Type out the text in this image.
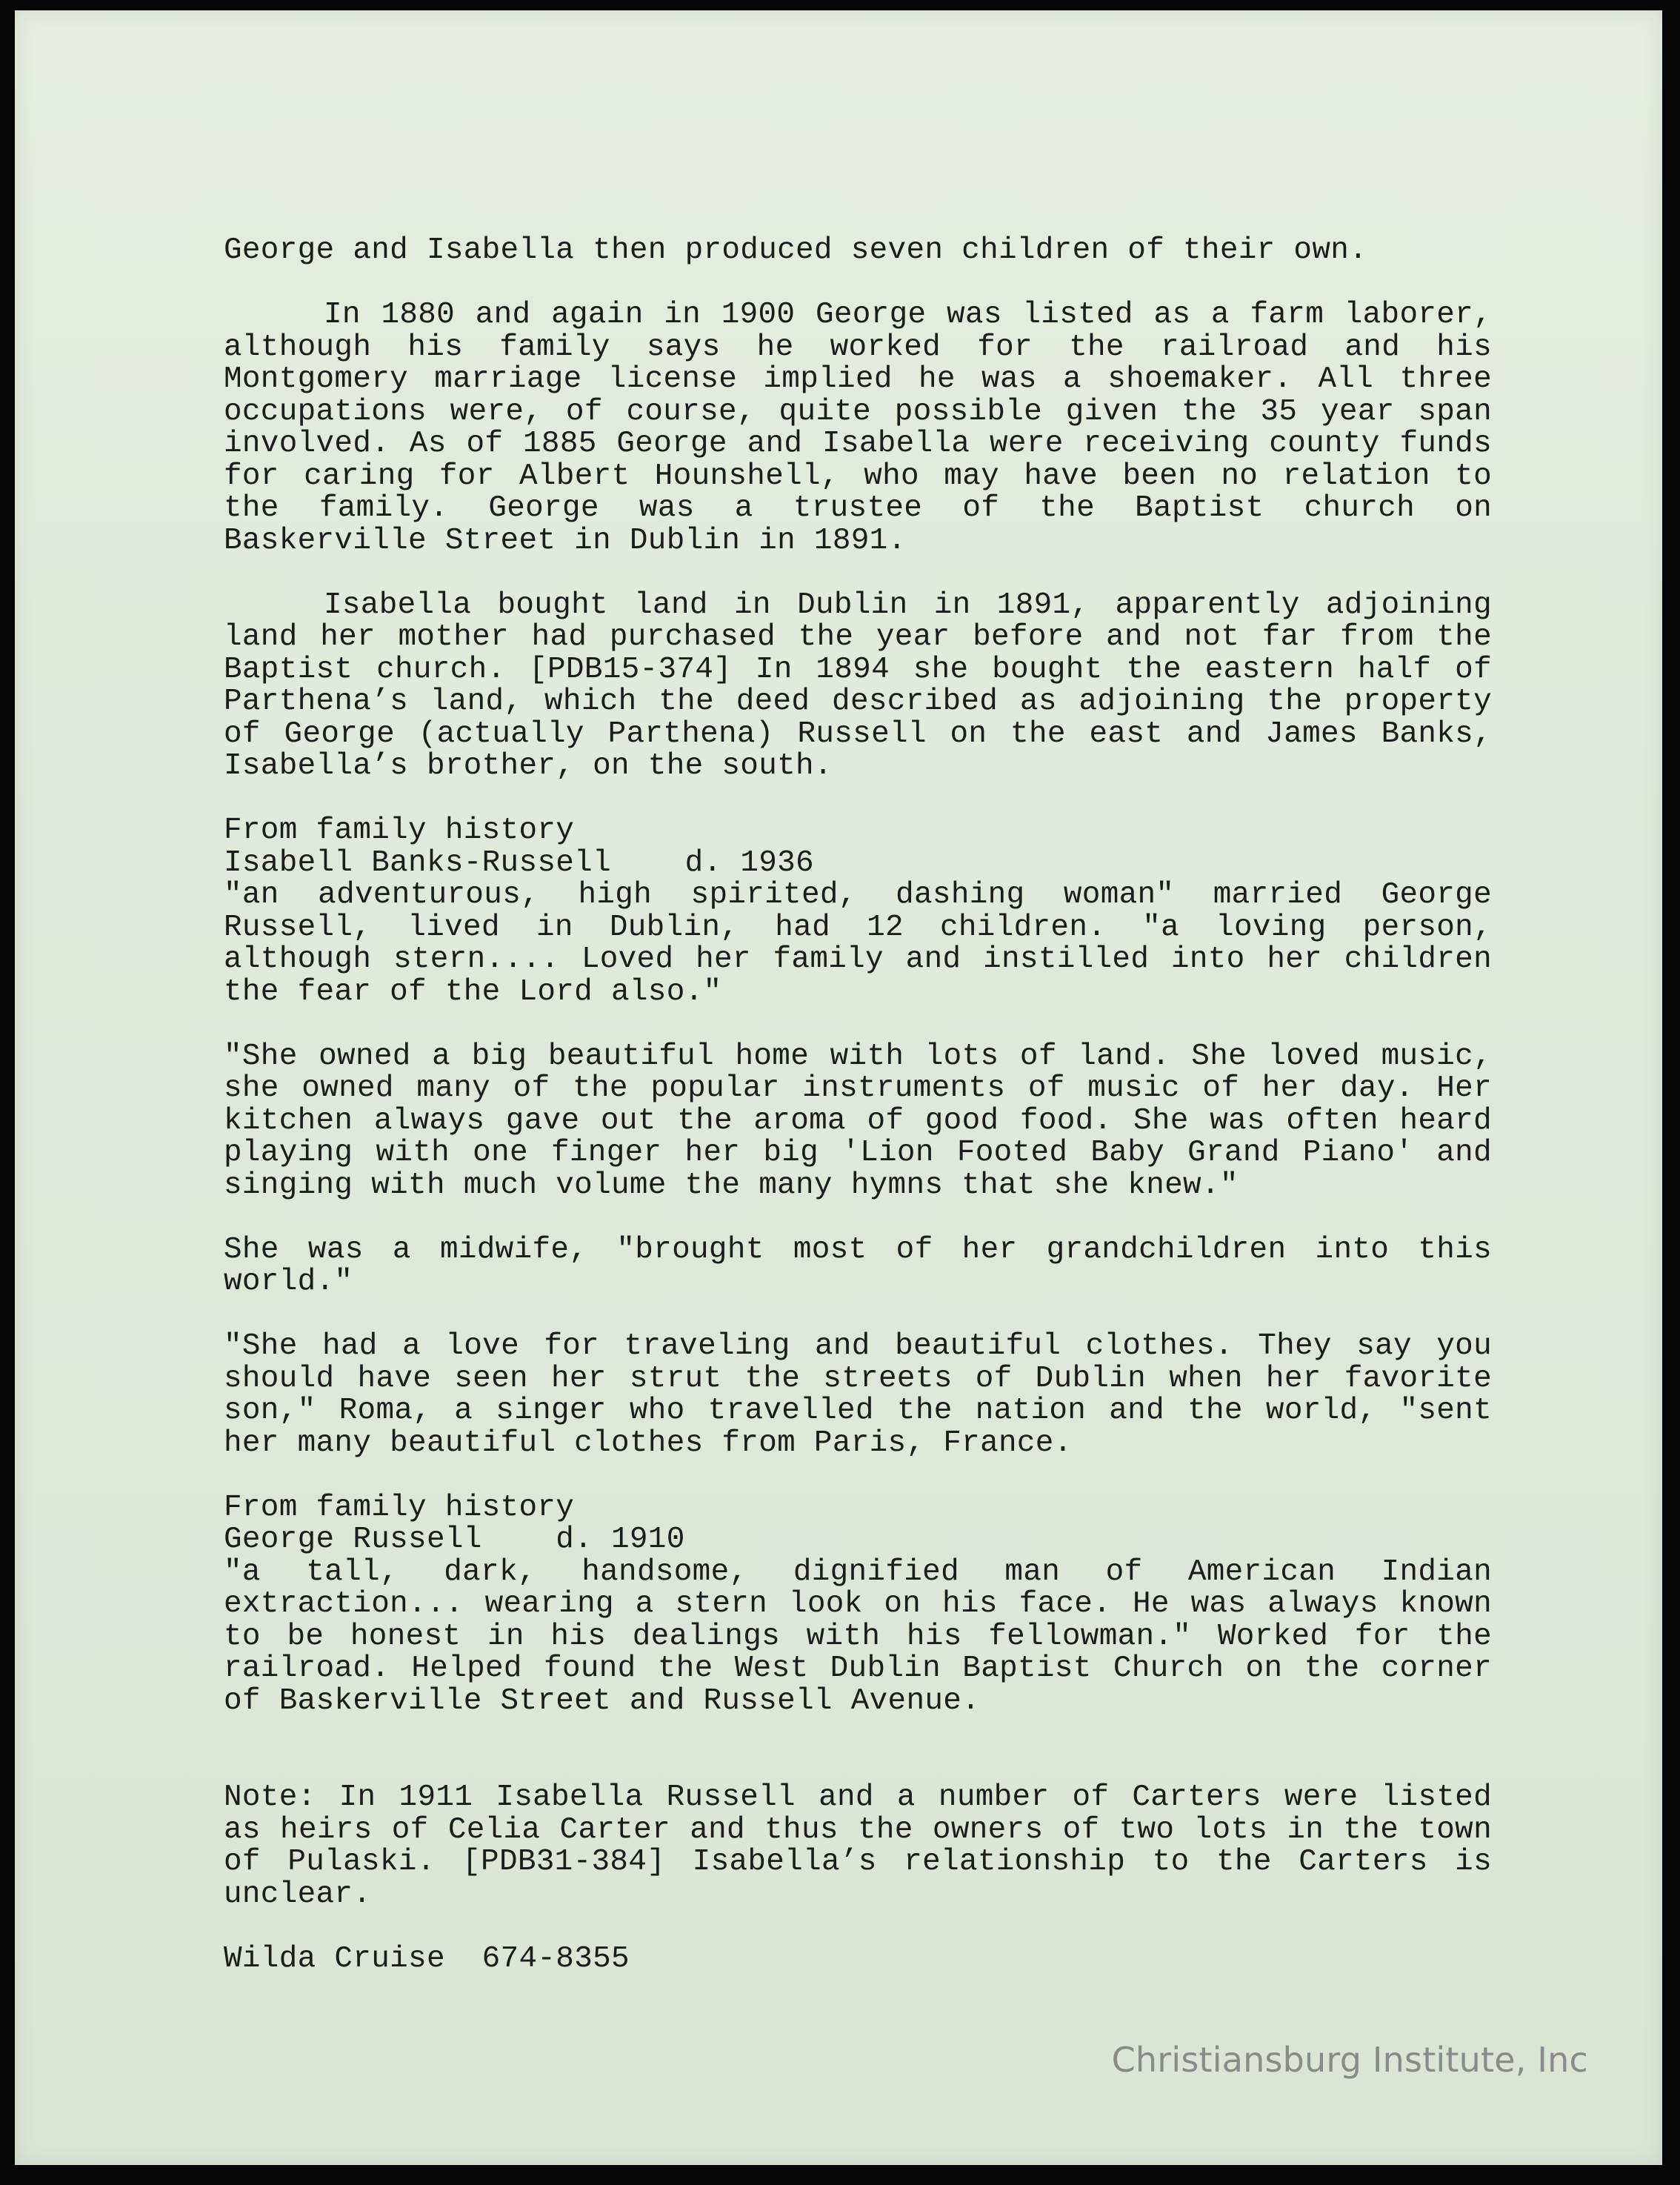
George and Isabella then produced seven children of their own.

In 1880 and again in 1900 George was listed as a farm laborer, although his family says he worked for the railroad and his Montgomery marriage license implied he was a shoemaker. All three occupations were, of course, quite possible given the 35 year span involved. As of 1885 George and Isabella were receiving county funds for caring for Albert Hounshell, who may have been no relation to the family. George was a trustee of the Baptist church on Baskerville Street in Dublin in 1891.

Isabella bought land in Dublin in 1891, apparently adjoining land her mother had purchased the year before and not far from the Baptist church. [PDB15-374] In 1894 she bought the eastern half of Parthena’s land, which the deed described as adjoining the property of George (actually Parthena) Russell on the east and James Banks, Isabella’s brother, on the south.

From family history
Isabell Banks-Russell d. 1936
"an adventurous, high spirited, dashing woman" married George Russell, lived in Dublin, had 12 children. "a loving person, although stern.... Loved her family and instilled into her children the fear of the Lord also."

"She owned a big beautiful home with lots of land. She loved music, she owned many of the popular instruments of music of her day. Her kitchen always gave out the aroma of good food. She was often heard playing with one finger her big 'Lion Footed Baby Grand Piano' and singing with much volume the many hymns that she knew."

She was a midwife, "brought most of her grandchildren into this world."

"She had a love for traveling and beautiful clothes. They say you should have seen her strut the streets of Dublin when her favorite son," Roma, a singer who travelled the nation and the world, "sent her many beautiful clothes from Paris, France.

From family history
George Russell d. 1910
"a tall, dark, handsome, dignified man of American Indian extraction... wearing a stern look on his face. He was always known to be honest in his dealings with his fellowman." Worked for the railroad. Helped found the West Dublin Baptist Church on the corner of Baskerville Street and Russell Avenue.

Note: In 1911 Isabella Russell and a number of Carters were listed as heirs of Celia Carter and thus the owners of two lots in the town of Pulaski. [PDB31-384] Isabella’s relationship to the Carters is unclear.

Wilda Cruise 674-8355

Christiansburg Institute, Inc
